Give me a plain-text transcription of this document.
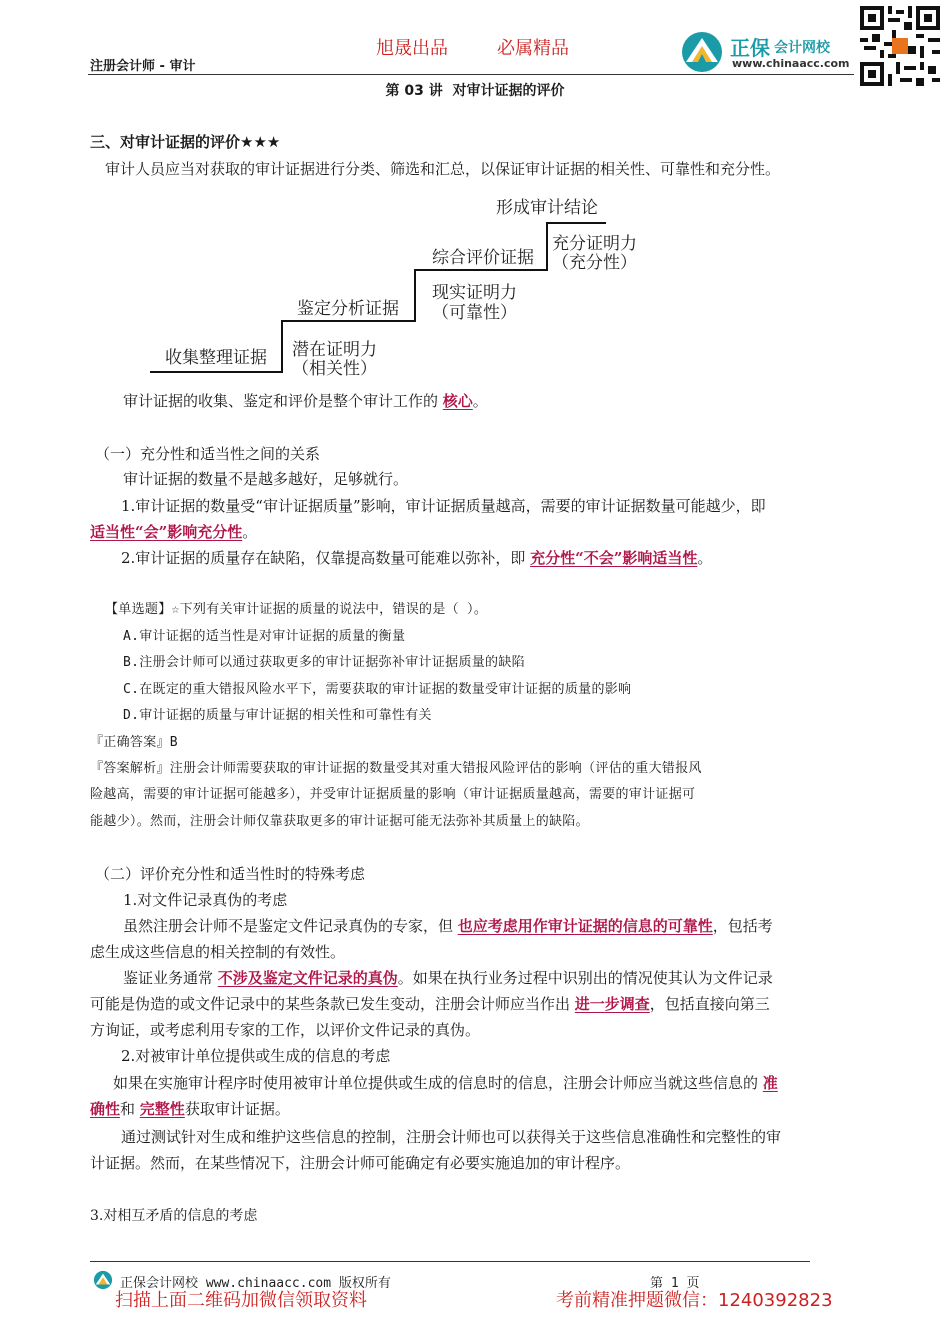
注册会计师 - 审计
旭晟出品	必属精品	正保 会计网校
www.chinaacc.com
第 03 讲  对审计证据的评价
三、对审计证据的评价★★★
审计人员应当对获取的审计证据进行分类、筛选和汇总，以保证审计证据的相关性、可靠性和充分性。
形成审计结论
收集整理证据
鉴定分析证据
综合评价证据
潜在证明力
（相关性）
现实证明力
（可靠性）
充分证明力
（充分性）
审计证据的收集、鉴定和评价是整个审计工作的 核心。
（一）充分性和适当性之间的关系
审计证据的数量不是越多越好，足够就行。
1.审计证据的数量受“审计证据质量”影响，审计证据质量越高，需要的审计证据数量可能越少，即
适当性“会”影响充分性。
2.审计证据的质量存在缺陷，仅靠提高数量可能难以弥补，即 充分性“不会”影响适当性。
【单选题】☆下列有关审计证据的质量的说法中，错误的是（ ）。
A.审计证据的适当性是对审计证据的质量的衡量
B.注册会计师可以通过获取更多的审计证据弥补审计证据质量的缺陷
C.在既定的重大错报风险水平下，需要获取的审计证据的数量受审计证据的质量的影响
D.审计证据的质量与审计证据的相关性和可靠性有关
『正确答案』B
『答案解析』注册会计师需要获取的审计证据的数量受其对重大错报风险评估的影响（评估的重大错报风
险越高，需要的审计证据可能越多），并受审计证据质量的影响（审计证据质量越高，需要的审计证据可
能越少）。然而，注册会计师仅靠获取更多的审计证据可能无法弥补其质量上的缺陷。
（二）评价充分性和适当性时的特殊考虑
1.对文件记录真伪的考虑
虽然注册会计师不是鉴定文件记录真伪的专家，但 也应考虑用作审计证据的信息的可靠性，包括考
虑生成这些信息的相关控制的有效性。
鉴证业务通常 不涉及鉴定文件记录的真伪。如果在执行业务过程中识别出的情况使其认为文件记录
可能是伪造的或文件记录中的某些条款已发生变动，注册会计师应当作出 进一步调查，包括直接向第三
方询证，或考虑利用专家的工作，以评价文件记录的真伪。
2.对被审计单位提供或生成的信息的考虑
如果在实施审计程序时使用被审计单位提供或生成的信息时的信息，注册会计师应当就这些信息的 准
确性和 完整性获取审计证据。
通过测试针对生成和维护这些信息的控制，注册会计师也可以获得关于这些信息准确性和完整性的审
计证据。然而，在某些情况下，注册会计师可能确定有必要实施追加的审计程序。
3.对相互矛盾的信息的考虑
正保会计网校 www.chinaacc.com 版权所有	第 1 页
扫描上面二维码加微信领取资料	考前精准押题微信：1240392823
